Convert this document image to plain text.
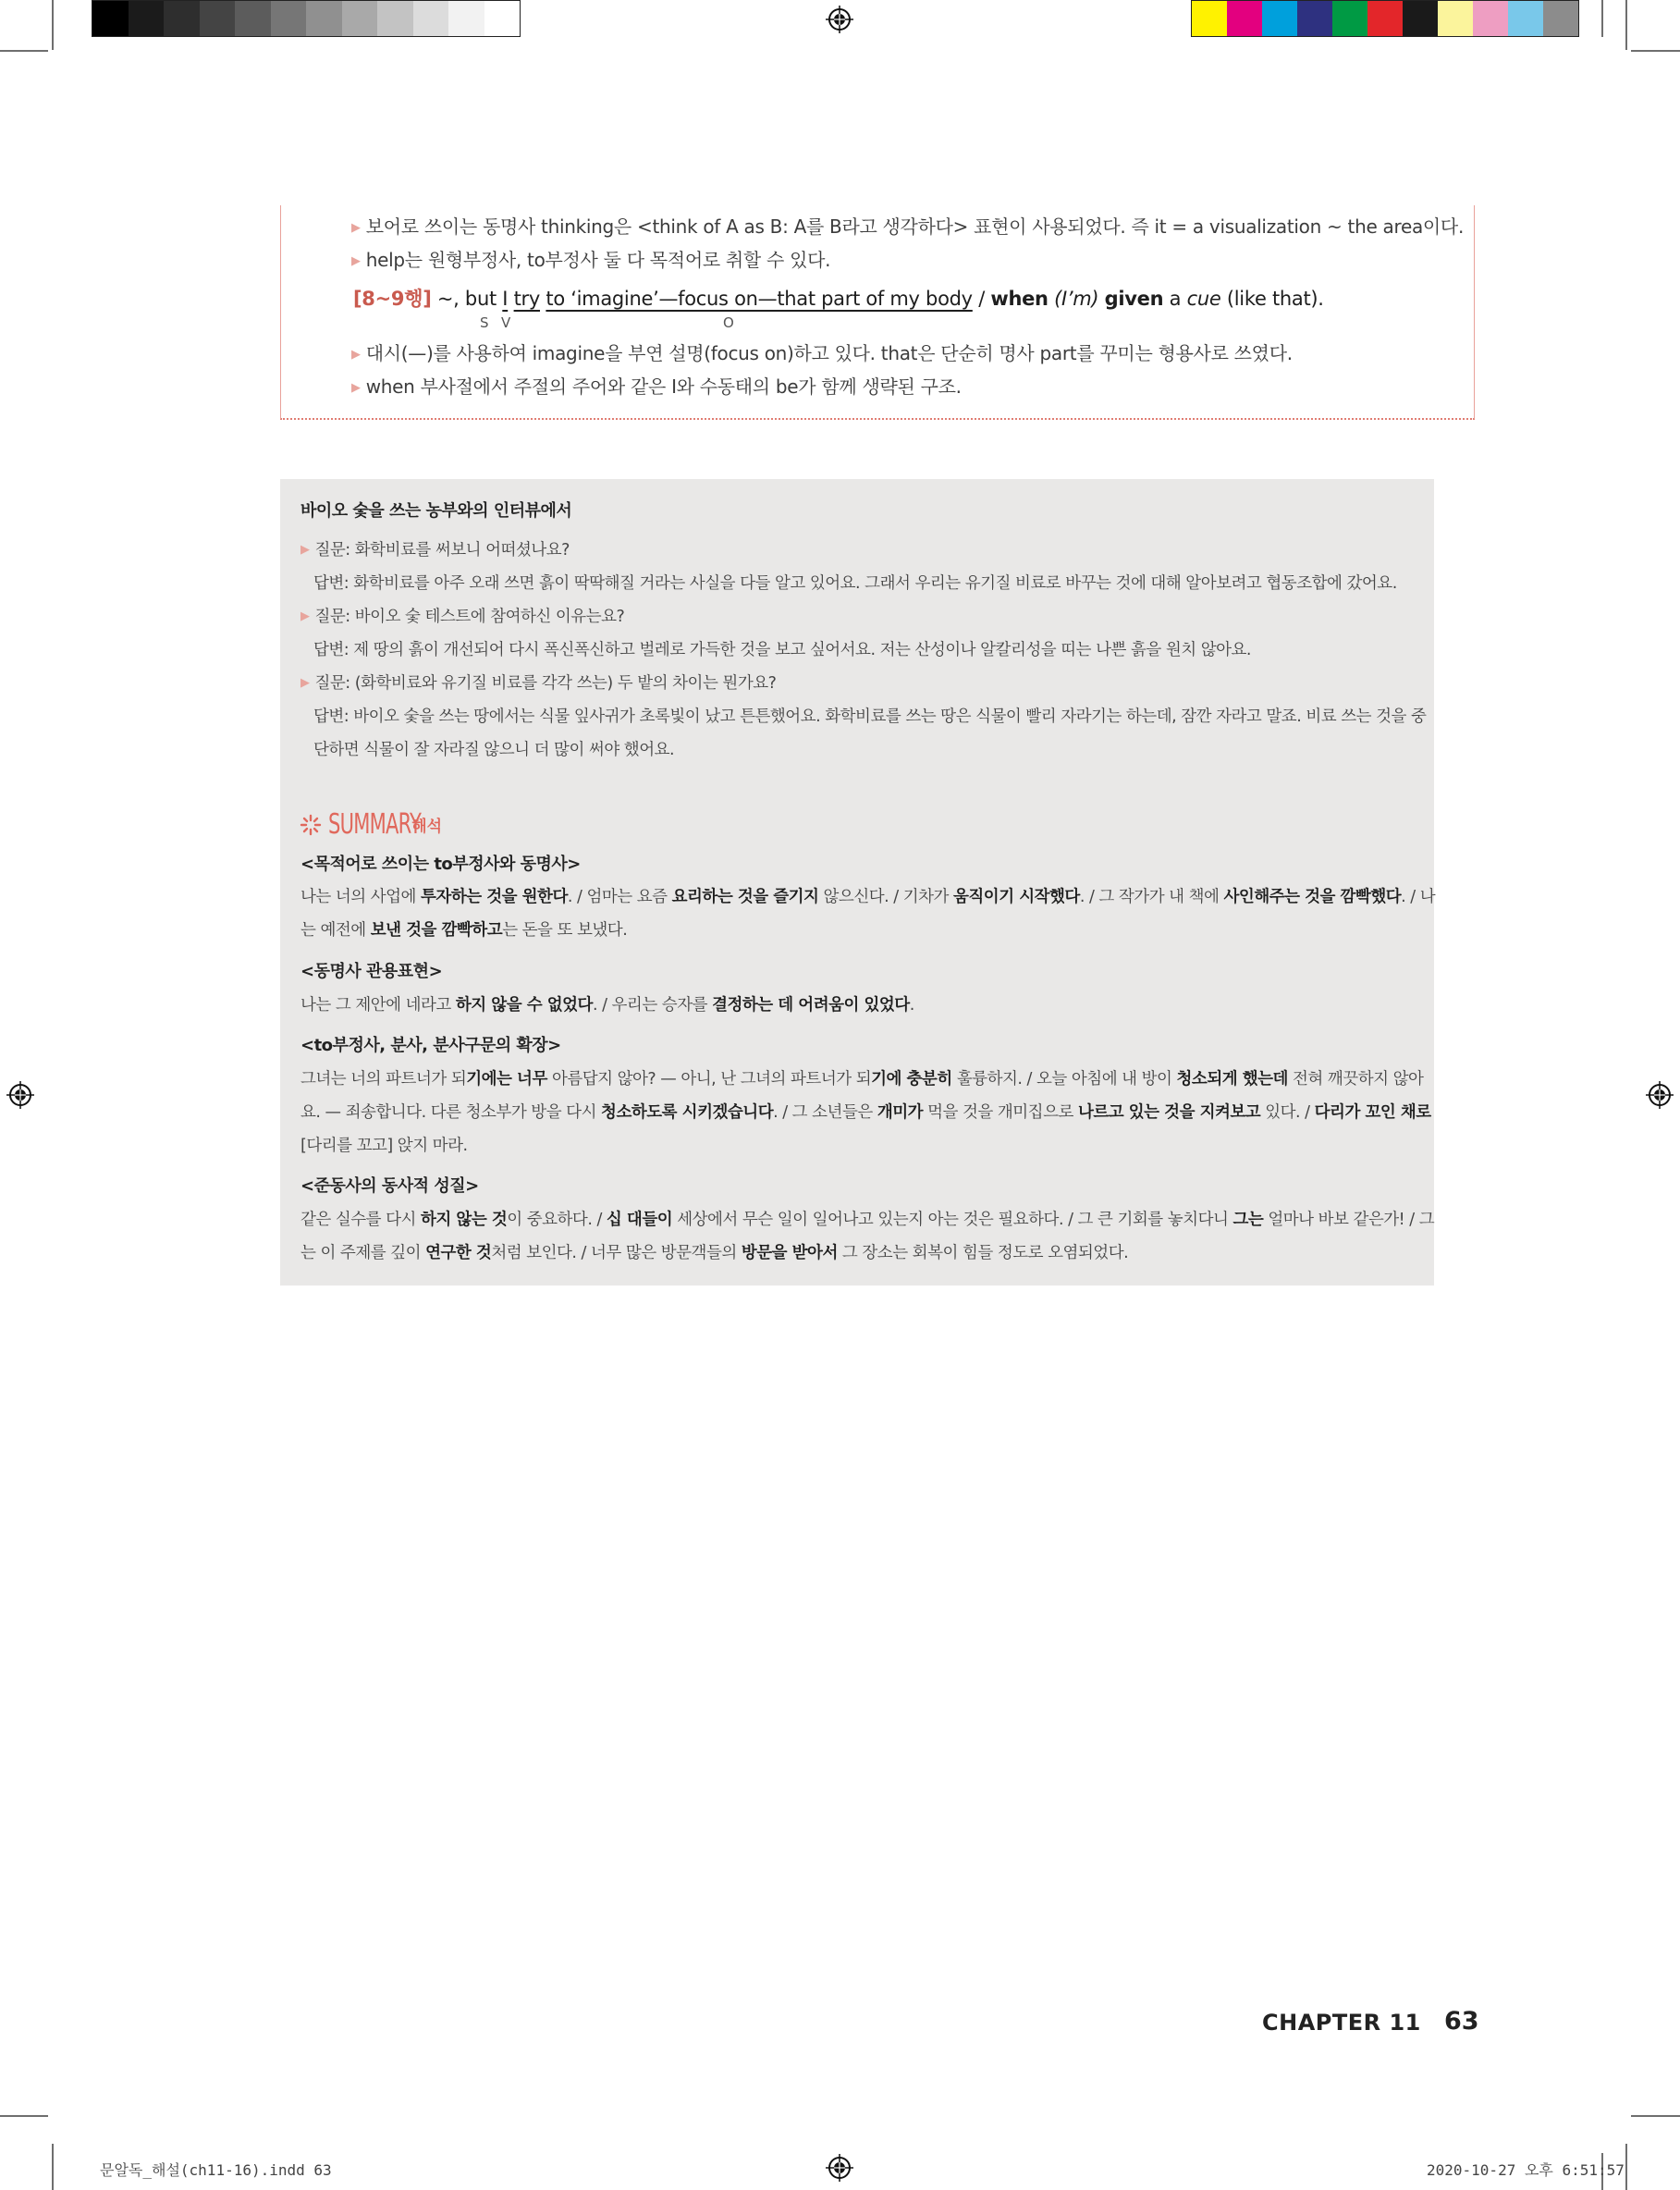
▶ 보어로 쓰이는 동명사 thinking은 <think of A as B: A를 B라고 생각하다> 표현이 사용되었다. 즉 it = a visualization ~ the area이다.
▶ help는 원형부정사, to부정사 둘 다 목적어로 취할 수 있다.
[8~9행] ~, but I try to ‘imagine’—focus on—that part of my body / when (I’m) given a cue (like that).
S V	O
▶ 대시(—)를 사용하여 imagine을 부연 설명(focus on)하고 있다. that은 단순히 명사 part를 꾸미는 형용사로 쓰였다.
▶ when 부사절에서 주절의 주어와 같은 I와 수동태의 be가 함께 생략된 구조.
바이오 숯을 쓰는 농부와의 인터뷰에서
▶ 질문: 화학비료를 써보니 어떠셨나요?
답변: 화학비료를 아주 오래 쓰면 흙이 딱딱해질 거라는 사실을 다들 알고 있어요. 그래서 우리는 유기질 비료로 바꾸는 것에 대해 알아보려고 협동조합에 갔어요.
▶ 질문: 바이오 숯 테스트에 참여하신 이유는요?
답변: 제 땅의 흙이 개선되어 다시 폭신폭신하고 벌레로 가득한 것을 보고 싶어서요. 저는 산성이나 알칼리성을 띠는 나쁜 흙을 원치 않아요.
▶ 질문: (화학비료와 유기질 비료를 각각 쓰는) 두 밭의 차이는 뭔가요?
답변: 바이오 숯을 쓰는 땅에서는 식물 잎사귀가 초록빛이 났고 튼튼했어요. 화학비료를 쓰는 땅은 식물이 빨리 자라기는 하는데, 잠깐 자라고 말죠. 비료 쓰는 것을 중
단하면 식물이 잘 자라질 않으니 더 많이 써야 했어요.
SUMMARY
해석
<목적어로 쓰이는 to부정사와 동명사>
나는 너의 사업에 투자하는 것을 원한다. / 엄마는 요즘 요리하는 것을 즐기지 않으신다. / 기차가 움직이기 시작했다. / 그 작가가 내 책에 사인해주는 것을 깜빡했다. / 나
는 예전에 보낸 것을 깜빡하고는 돈을 또 보냈다.
<동명사 관용표현>
나는 그 제안에 네라고 하지 않을 수 없었다. / 우리는 승자를 결정하는 데 어려움이 있었다.
<to부정사, 분사, 분사구문의 확장>
그녀는 너의 파트너가 되기에는 너무 아름답지 않아? — 아니, 난 그녀의 파트너가 되기에 충분히 훌륭하지. / 오늘 아침에 내 방이 청소되게 했는데 전혀 깨끗하지 않아
요. — 죄송합니다. 다른 청소부가 방을 다시 청소하도록 시키겠습니다. / 그 소년들은 개미가 먹을 것을 개미집으로 나르고 있는 것을 지켜보고 있다. / 다리가 꼬인 채로
[다리를 꼬고] 앉지 마라.
<준동사의 동사적 성질>
같은 실수를 다시 하지 않는 것이 중요하다. / 십 대들이 세상에서 무슨 일이 일어나고 있는지 아는 것은 필요하다. / 그 큰 기회를 놓치다니 그는 얼마나 바보 같은가! / 그
는 이 주제를 깊이 연구한 것처럼 보인다. / 너무 많은 방문객들의 방문을 받아서 그 장소는 회복이 힘들 정도로 오염되었다.
CHAPTER 11 63
문알독_해설(ch11-16).indd 63	2020-10-27 오후 6:51:57
